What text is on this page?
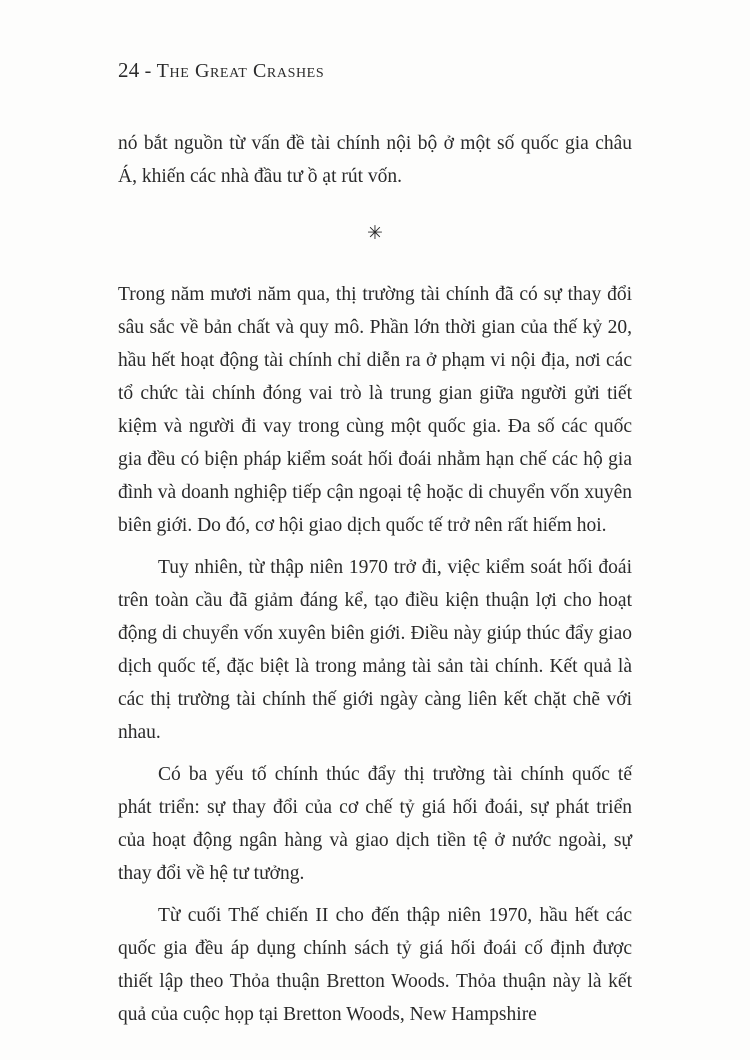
24 - The Great Crashes

nó bắt nguồn từ vấn đề tài chính nội bộ ở một số quốc gia châu Á, khiến các nhà đầu tư ồ ạt rút vốn.

✳

Trong năm mươi năm qua, thị trường tài chính đã có sự thay đổi sâu sắc về bản chất và quy mô. Phần lớn thời gian của thế kỷ 20, hầu hết hoạt động tài chính chỉ diễn ra ở phạm vi nội địa, nơi các tổ chức tài chính đóng vai trò là trung gian giữa người gửi tiết kiệm và người đi vay trong cùng một quốc gia. Đa số các quốc gia đều có biện pháp kiểm soát hối đoái nhằm hạn chế các hộ gia đình và doanh nghiệp tiếp cận ngoại tệ hoặc di chuyển vốn xuyên biên giới. Do đó, cơ hội giao dịch quốc tế trở nên rất hiếm hoi.

Tuy nhiên, từ thập niên 1970 trở đi, việc kiểm soát hối đoái trên toàn cầu đã giảm đáng kể, tạo điều kiện thuận lợi cho hoạt động di chuyển vốn xuyên biên giới. Điều này giúp thúc đẩy giao dịch quốc tế, đặc biệt là trong mảng tài sản tài chính. Kết quả là các thị trường tài chính thế giới ngày càng liên kết chặt chẽ với nhau.

Có ba yếu tố chính thúc đẩy thị trường tài chính quốc tế phát triển: sự thay đổi của cơ chế tỷ giá hối đoái, sự phát triển của hoạt động ngân hàng và giao dịch tiền tệ ở nước ngoài, sự thay đổi về hệ tư tưởng.

Từ cuối Thế chiến II cho đến thập niên 1970, hầu hết các quốc gia đều áp dụng chính sách tỷ giá hối đoái cố định được thiết lập theo Thỏa thuận Bretton Woods. Thỏa thuận này là kết quả của cuộc họp tại Bretton Woods, New Hampshire
